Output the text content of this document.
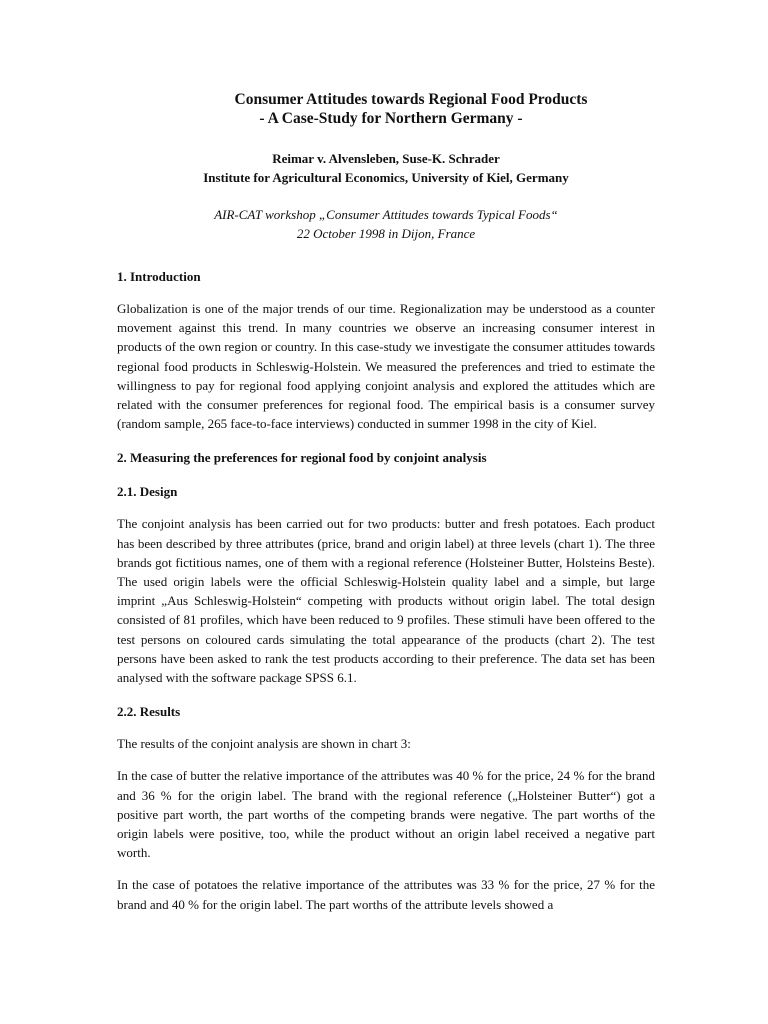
Consumer Attitudes towards Regional Food Products
- A Case-Study for Northern Germany -
Reimar v. Alvensleben, Suse-K. Schrader
Institute for Agricultural Economics, University of Kiel, Germany
AIR-CAT workshop „Consumer Attitudes towards Typical Foods“
22 October 1998 in Dijon, France
1. Introduction

Globalization is one of the major trends of our time. Regionalization may be understood as a counter movement against this trend. In many countries we observe an increasing consumer interest in products of the own region or country. In this case-study we investigate the consumer attitudes towards regional food products in Schleswig-Holstein. We measured the preferences and tried to estimate the willingness to pay for regional food applying conjoint analysis and explored the attitudes which are related with the consumer preferences for regional food. The empirical basis is a consumer survey (random sample, 265 face-to-face interviews) conducted in summer 1998 in the city of Kiel.

2. Measuring the preferences for regional food by conjoint analysis
2.1. Design

The conjoint analysis has been carried out for two products: butter and fresh potatoes. Each product has been described by three attributes (price, brand and origin label) at three levels (chart 1). The three brands got fictitious names, one of them with a regional reference (Holsteiner Butter, Holsteins Beste). The used origin labels were the official Schleswig-Holstein quality label and a simple, but large imprint „Aus Schleswig-Holstein“ competing with products without origin label. The total design consisted of 81 profiles, which have been reduced to 9 profiles. These stimuli have been offered to the test persons on coloured cards simulating the total appearance of the products (chart 2). The test persons have been asked to rank the test products according to their preference. The data set has been analysed with the software package SPSS 6.1.

2.2. Results

The results of the conjoint analysis are shown in chart 3:

In the case of butter the relative importance of the attributes was 40 % for the price, 24 % for the brand and 36 % for the origin label. The brand with the regional reference („Holsteiner Butter“) got a positive part worth, the part worths of the competing brands were negative. The part worths of the origin labels were positive, too, while the product without an origin label received a negative part worth.

In the case of potatoes the relative importance of the attributes was 33 % for the price, 27 % for the brand and 40 % for the origin label. The part worths of the attribute levels showed a
